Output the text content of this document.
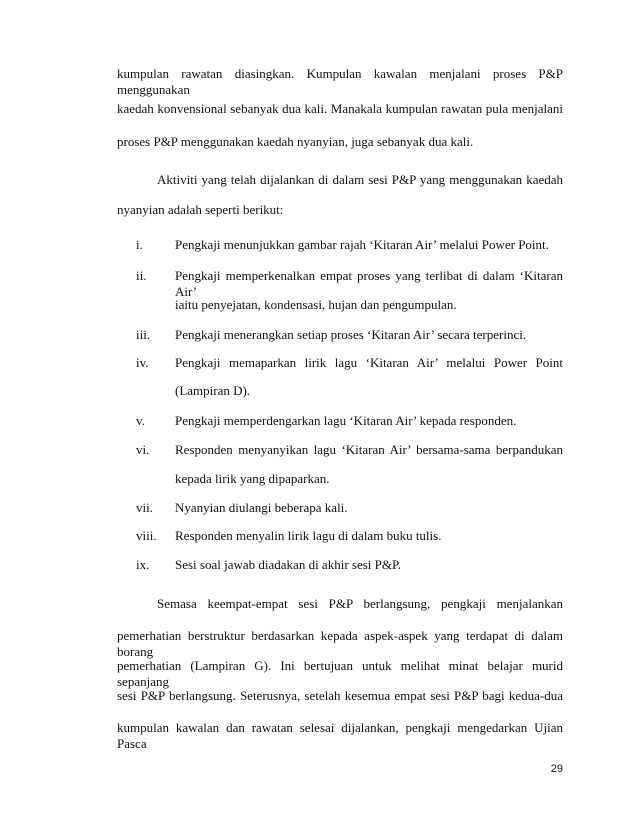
kumpulan rawatan diasingkan. Kumpulan kawalan menjalani proses P&P menggunakan
kaedah konvensional sebanyak dua kali. Manakala kumpulan rawatan pula menjalani
proses P&P menggunakan kaedah nyanyian, juga sebanyak dua kali.
Aktiviti yang telah dijalankan di dalam sesi P&P yang menggunakan kaedah
nyanyian adalah seperti berikut:
i. Pengkaji menunjukkan gambar rajah ‘Kitaran Air’ melalui Power Point.
ii. Pengkaji memperkenalkan empat proses yang terlibat di dalam ‘Kitaran Air’
iaitu penyejatan, kondensasi, hujan dan pengumpulan.
iii. Pengkaji menerangkan setiap proses ‘Kitaran Air’ secara terperinci.
iv. Pengkaji memaparkan lirik lagu ‘Kitaran Air’ melalui Power Point
(Lampiran D).
v. Pengkaji memperdengarkan lagu ‘Kitaran Air’ kepada responden.
vi. Responden menyanyikan lagu ‘Kitaran Air’ bersama-sama berpandukan
kepada lirik yang dipaparkan.
vii. Nyanyian diulangi beberapa kali.
viii. Responden menyalin lirik lagu di dalam buku tulis.
ix. Sesi soal jawab diadakan di akhir sesi P&P.
Semasa keempat-empat sesi P&P berlangsung, pengkaji menjalankan
pemerhatian berstruktur berdasarkan kepada aspek-aspek yang terdapat di dalam borang
pemerhatian (Lampiran G). Ini bertujuan untuk melihat minat belajar murid sepanjang
sesi P&P berlangsung. Seterusnya, setelah kesemua empat sesi P&P bagi kedua-dua
kumpulan kawalan dan rawatan selesai dijalankan, pengkaji mengedarkan Ujian Pasca
29
